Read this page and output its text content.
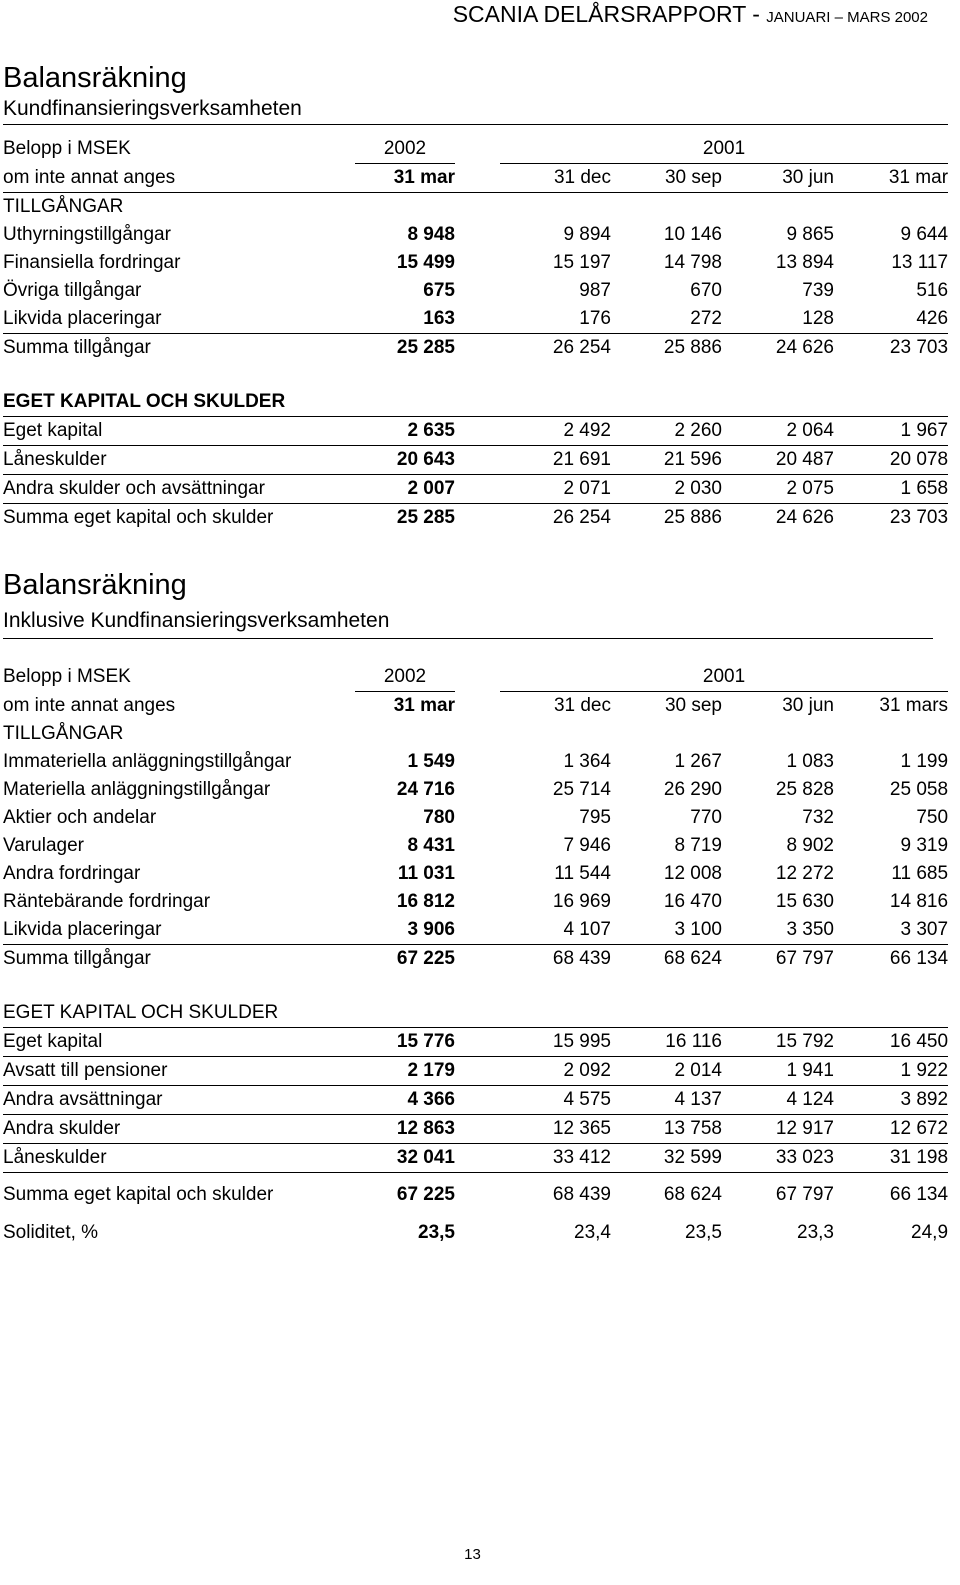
SCANIA DELÅRSRAPPORT - JANUARI – MARS 2002
Balansräkning
Kundfinansieringsverksamheten
Belopp i MSEK	2002		2001			
om inte annat anges	31 mar		31 dec	30 sep	30 jun	31 mar
TILLGÅNGAR						
Uthyrningstillgångar	8 948		9 894	10 146	9 865	9 644
Finansiella fordringar	15 499		15 197	14 798	13 894	13 117
Övriga tillgångar	675		987	670	739	516
Likvida placeringar	163		176	272	128	426
Summa tillgångar	25 285		26 254	25 886	24 626	23 703

EGET KAPITAL OCH SKULDER						
Eget kapital	2 635		2 492	2 260	2 064	1 967
Låneskulder	20 643		21 691	21 596	20 487	20 078
Andra skulder och avsättningar	2 007		2 071	2 030	2 075	1 658
Summa eget kapital och skulder	25 285		26 254	25 886	24 626	23 703
Balansräkning
Inklusive Kundfinansieringsverksamheten
Belopp i MSEK	2002		2001			
om inte annat anges	31 mar		31 dec	30 sep	30 jun	31 mars
TILLGÅNGAR						
Immateriella anläggningstillgångar	1 549		1 364	1 267	1 083	1 199
Materiella anläggningstillgångar	24 716		25 714	26 290	25 828	25 058
Aktier och andelar	780		795	770	732	750
Varulager	8 431		7 946	8 719	8 902	9 319
Andra fordringar	11 031		11 544	12 008	12 272	11 685
Räntebärande fordringar	16 812		16 969	16 470	15 630	14 816
Likvida placeringar	3 906		4 107	3 100	3 350	3 307
Summa tillgångar	67 225		68 439	68 624	67 797	66 134

EGET KAPITAL OCH SKULDER						
Eget kapital	15 776		15 995	16 116	15 792	16 450
Avsatt till pensioner	2 179		2 092	2 014	1 941	1 922
Andra avsättningar	4 366		4 575	4 137	4 124	3 892
Andra skulder	12 863		12 365	13 758	12 917	12 672
Låneskulder	32 041		33 412	32 599	33 023	31 198

Summa eget kapital och skulder	67 225		68 439	68 624	67 797	66 134

Soliditet, %	23,5		23,4	23,5	23,3	24,9
13
